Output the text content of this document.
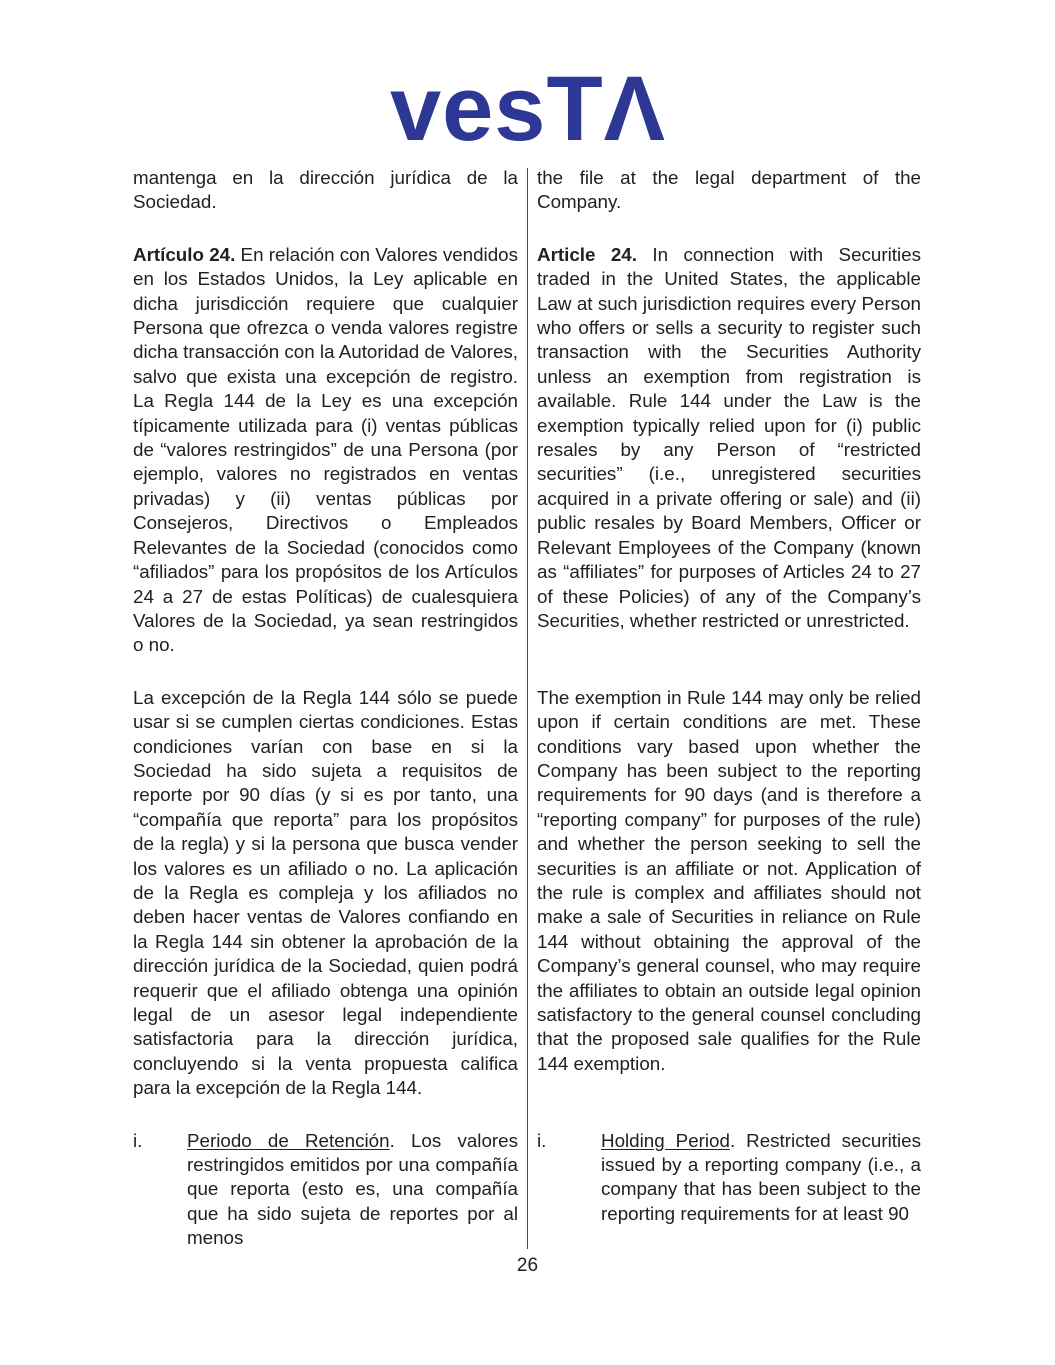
vesTΛ

mantenga en la dirección jurídica de la Sociedad.

the file at the legal department of the Company.

Artículo 24. En relación con Valores vendidos en los Estados Unidos, la Ley aplicable en dicha jurisdicción requiere que cualquier Persona que ofrezca o venda valores registre dicha transacción con la Autoridad de Valores, salvo que exista una excepción de registro. La Regla 144 de la Ley es una excepción típicamente utilizada para (i) ventas públicas de “valores restringidos” de una Persona (por ejemplo, valores no registrados en ventas privadas) y (ii) ventas públicas por Consejeros, Directivos o Empleados Relevantes de la Sociedad (conocidos como “afiliados” para los propósitos de los Artículos 24 a 27 de estas Políticas) de cualesquiera Valores de la Sociedad, ya sean restringidos o no.

Article 24. In connection with Securities traded in the United States, the applicable Law at such jurisdiction requires every Person who offers or sells a security to register such transaction with the Securities Authority unless an exemption from registration is available. Rule 144 under the Law is the exemption typically relied upon for (i) public resales by any Person of “restricted securities” (i.e., unregistered securities acquired in a private offering or sale) and (ii) public resales by Board Members, Officer or Relevant Employees of the Company (known as “affiliates” for purposes of Articles 24 to 27 of these Policies) of any of the Company’s Securities, whether restricted or unrestricted.

La excepción de la Regla 144 sólo se puede usar si se cumplen ciertas condiciones. Estas condiciones varían con base en si la Sociedad ha sido sujeta a requisitos de reporte por 90 días (y si es por tanto, una “compañía que reporta” para los propósitos de la regla) y si la persona que busca vender los valores es un afiliado o no. La aplicación de la Regla es compleja y los afiliados no deben hacer ventas de Valores confiando en la Regla 144 sin obtener la aprobación de la dirección jurídica de la Sociedad, quien podrá requerir que el afiliado obtenga una opinión legal de un asesor legal independiente satisfactoria para la dirección jurídica, concluyendo si la venta propuesta califica para la excepción de la Regla 144.

The exemption in Rule 144 may only be relied upon if certain conditions are met. These conditions vary based upon whether the Company has been subject to the reporting requirements for 90 days (and is therefore a “reporting company” for purposes of the rule) and whether the person seeking to sell the securities is an affiliate or not. Application of the rule is complex and affiliates should not make a sale of Securities in reliance on Rule 144 without obtaining the approval of the Company’s general counsel, who may require the affiliates to obtain an outside legal opinion satisfactory to the general counsel concluding that the proposed sale qualifies for the Rule 144 exemption.

i.	Periodo de Retención. Los valores restringidos emitidos por una compañía que reporta (esto es, una compañía que ha sido sujeta de reportes por al menos

i.	Holding Period. Restricted securities issued by a reporting company (i.e., a company that has been subject to the reporting requirements for at least 90

26
